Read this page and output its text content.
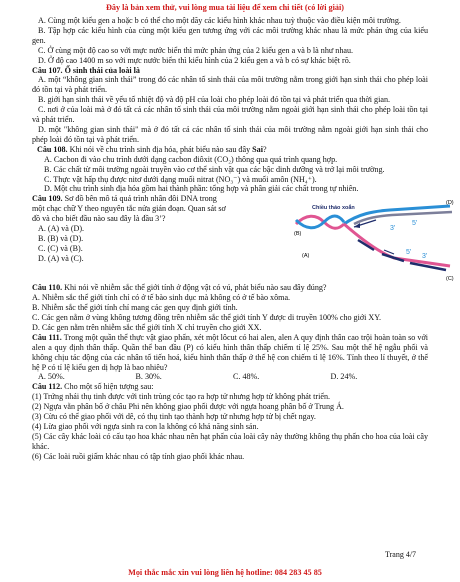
Đây là bản xem thử, vui lòng mua tài liệu để xem chi tiết (có lời giải)

A. Cùng một kiểu gen a hoặc b có thể cho một dãy các kiểu hình khác nhau tuỳ thuộc vào điều kiện môi trường.

B. Tập hợp các kiểu hình của cùng một kiểu gen tương ứng với các môi trường khác nhau là mức phản ứng của kiểu gen.

C. Ở cùng một độ cao so với mực nước biển thì mức phản ứng của 2 kiểu gen a và b là như nhau.

D. Ở độ cao 1400 m so với mực nước biển thì kiểu hình của 2 kiểu gen a và b có sự khác biệt rõ.

Câu 107. Ổ sinh thái của loài là

A. một “không gian sinh thái” trong đó các nhân tố sinh thái của môi trường nằm trong giới hạn sinh thái cho phép loài đó tồn tại và phát triển.

B. giới hạn sinh thái về yếu tố nhiệt độ và độ pH của loài cho phép loài đó tồn tại và phát triển qua thời gian.

C. nơi ở của loài mà ở đó tất cả các nhân tố sinh thái của môi trường nằm ngoài giới hạn sinh thái cho phép loài tồn tại và phát triển.

D. một "không gian sinh thái" mà ở đó tất cả các nhân tố sinh thái của môi trường nằm ngoài giới hạn sinh thái cho phép loài đó tồn tại và phát triển.

Câu 108. Khi nói về chu trình sinh địa hóa, phát biểu nào sau đây Sai?

A. Cacbon đi vào chu trình dưới dạng cacbon điôxit (CO₂) thông qua quá trình quang hợp.

B. Các chất từ môi trường ngoài truyền vào cơ thể sinh vật qua các bậc dinh dưỡng và trở lại môi trường.

C. Thực vật hấp thụ được nitơ dưới dạng muối nitrat (NO₃⁻) và muối amôn (NH₄⁺).

D. Một chu trình sinh địa hóa gồm hai thành phần: tổng hợp và phân giải các chất trong tự nhiên.

Câu 109. Sơ đồ bên mô tả quá trình nhân đôi DNA trong

một chạc chữ Y theo nguyên tắc nửa gián đoạn. Quan sát sơ

đồ và cho biết đầu nào sau đây là đầu 3’?

A. (A) và (D).

B. (B) và (D).

C. (C) và (B).

D. (A) và (C).

Chiều tháo xoắn
(B)
(A)
(D)
(C)
3’
5’
5’
3’

Câu 110. Khi nói về nhiễm sắc thể giới tính ở động vật có vú, phát biểu nào sau đây đúng?

A. Nhiễm sắc thể giới tính chỉ có ở tế bào sinh dục mà không có ở tế bào xôma.

B. Nhiễm sắc thể giới tính chỉ mang các gen quy định giới tính.

C. Các gen nằm ở vùng không tương đồng trên nhiễm sắc thể giới tính Y được di truyền 100% cho giới XY.

D. Các gen nằm trên nhiễm sắc thể giới tính X chỉ truyền cho giới XX.

Câu 111. Trong một quần thể thực vật giao phấn, xét một lôcut có hai alen, alen A quy định thân cao trội hoàn toàn so với alen a quy định thân thấp. Quần thể ban đầu (P) có kiểu hình thân thấp chiếm tỉ lệ 25%. Sau một thế hệ ngẫu phối và không chịu tác động của các nhân tố tiến hoá, kiểu hình thân thấp ở thế hệ con chiếm tỉ lệ 16%. Tính theo lí thuyết, ở thế hệ P có tỉ lệ kiểu gen dị hợp là bao nhiêu?

A. 50%.	B. 30%.	C. 48%.	D. 24%.

Câu 112. Cho một số hiện tượng sau:

(1) Trứng nhái thụ tinh được với tinh trùng cóc tạo ra hợp tử nhưng hợp tử không phát triển.

(2) Ngựa vằn phân bố ở châu Phi nên không giao phối được với ngựa hoang phân bố ở Trung Á.

(3) Cừu có thể giao phối với dê, có thụ tinh tạo thành hợp tử nhưng hợp tử bị chết ngay.

(4) Lừa giao phối với ngựa sinh ra con la không có khả năng sinh sản.

(5) Các cây khác loài có cấu tạo hoa khác nhau nên hạt phấn của loài cây này thường không thụ phấn cho hoa của loài cây khác.

(6) Các loài ruồi giấm khác nhau có tập tính giao phối khác nhau.

Trang 4/7
Mọi thắc mắc xin vui lòng liên hệ hotline: 084 283 45 85
